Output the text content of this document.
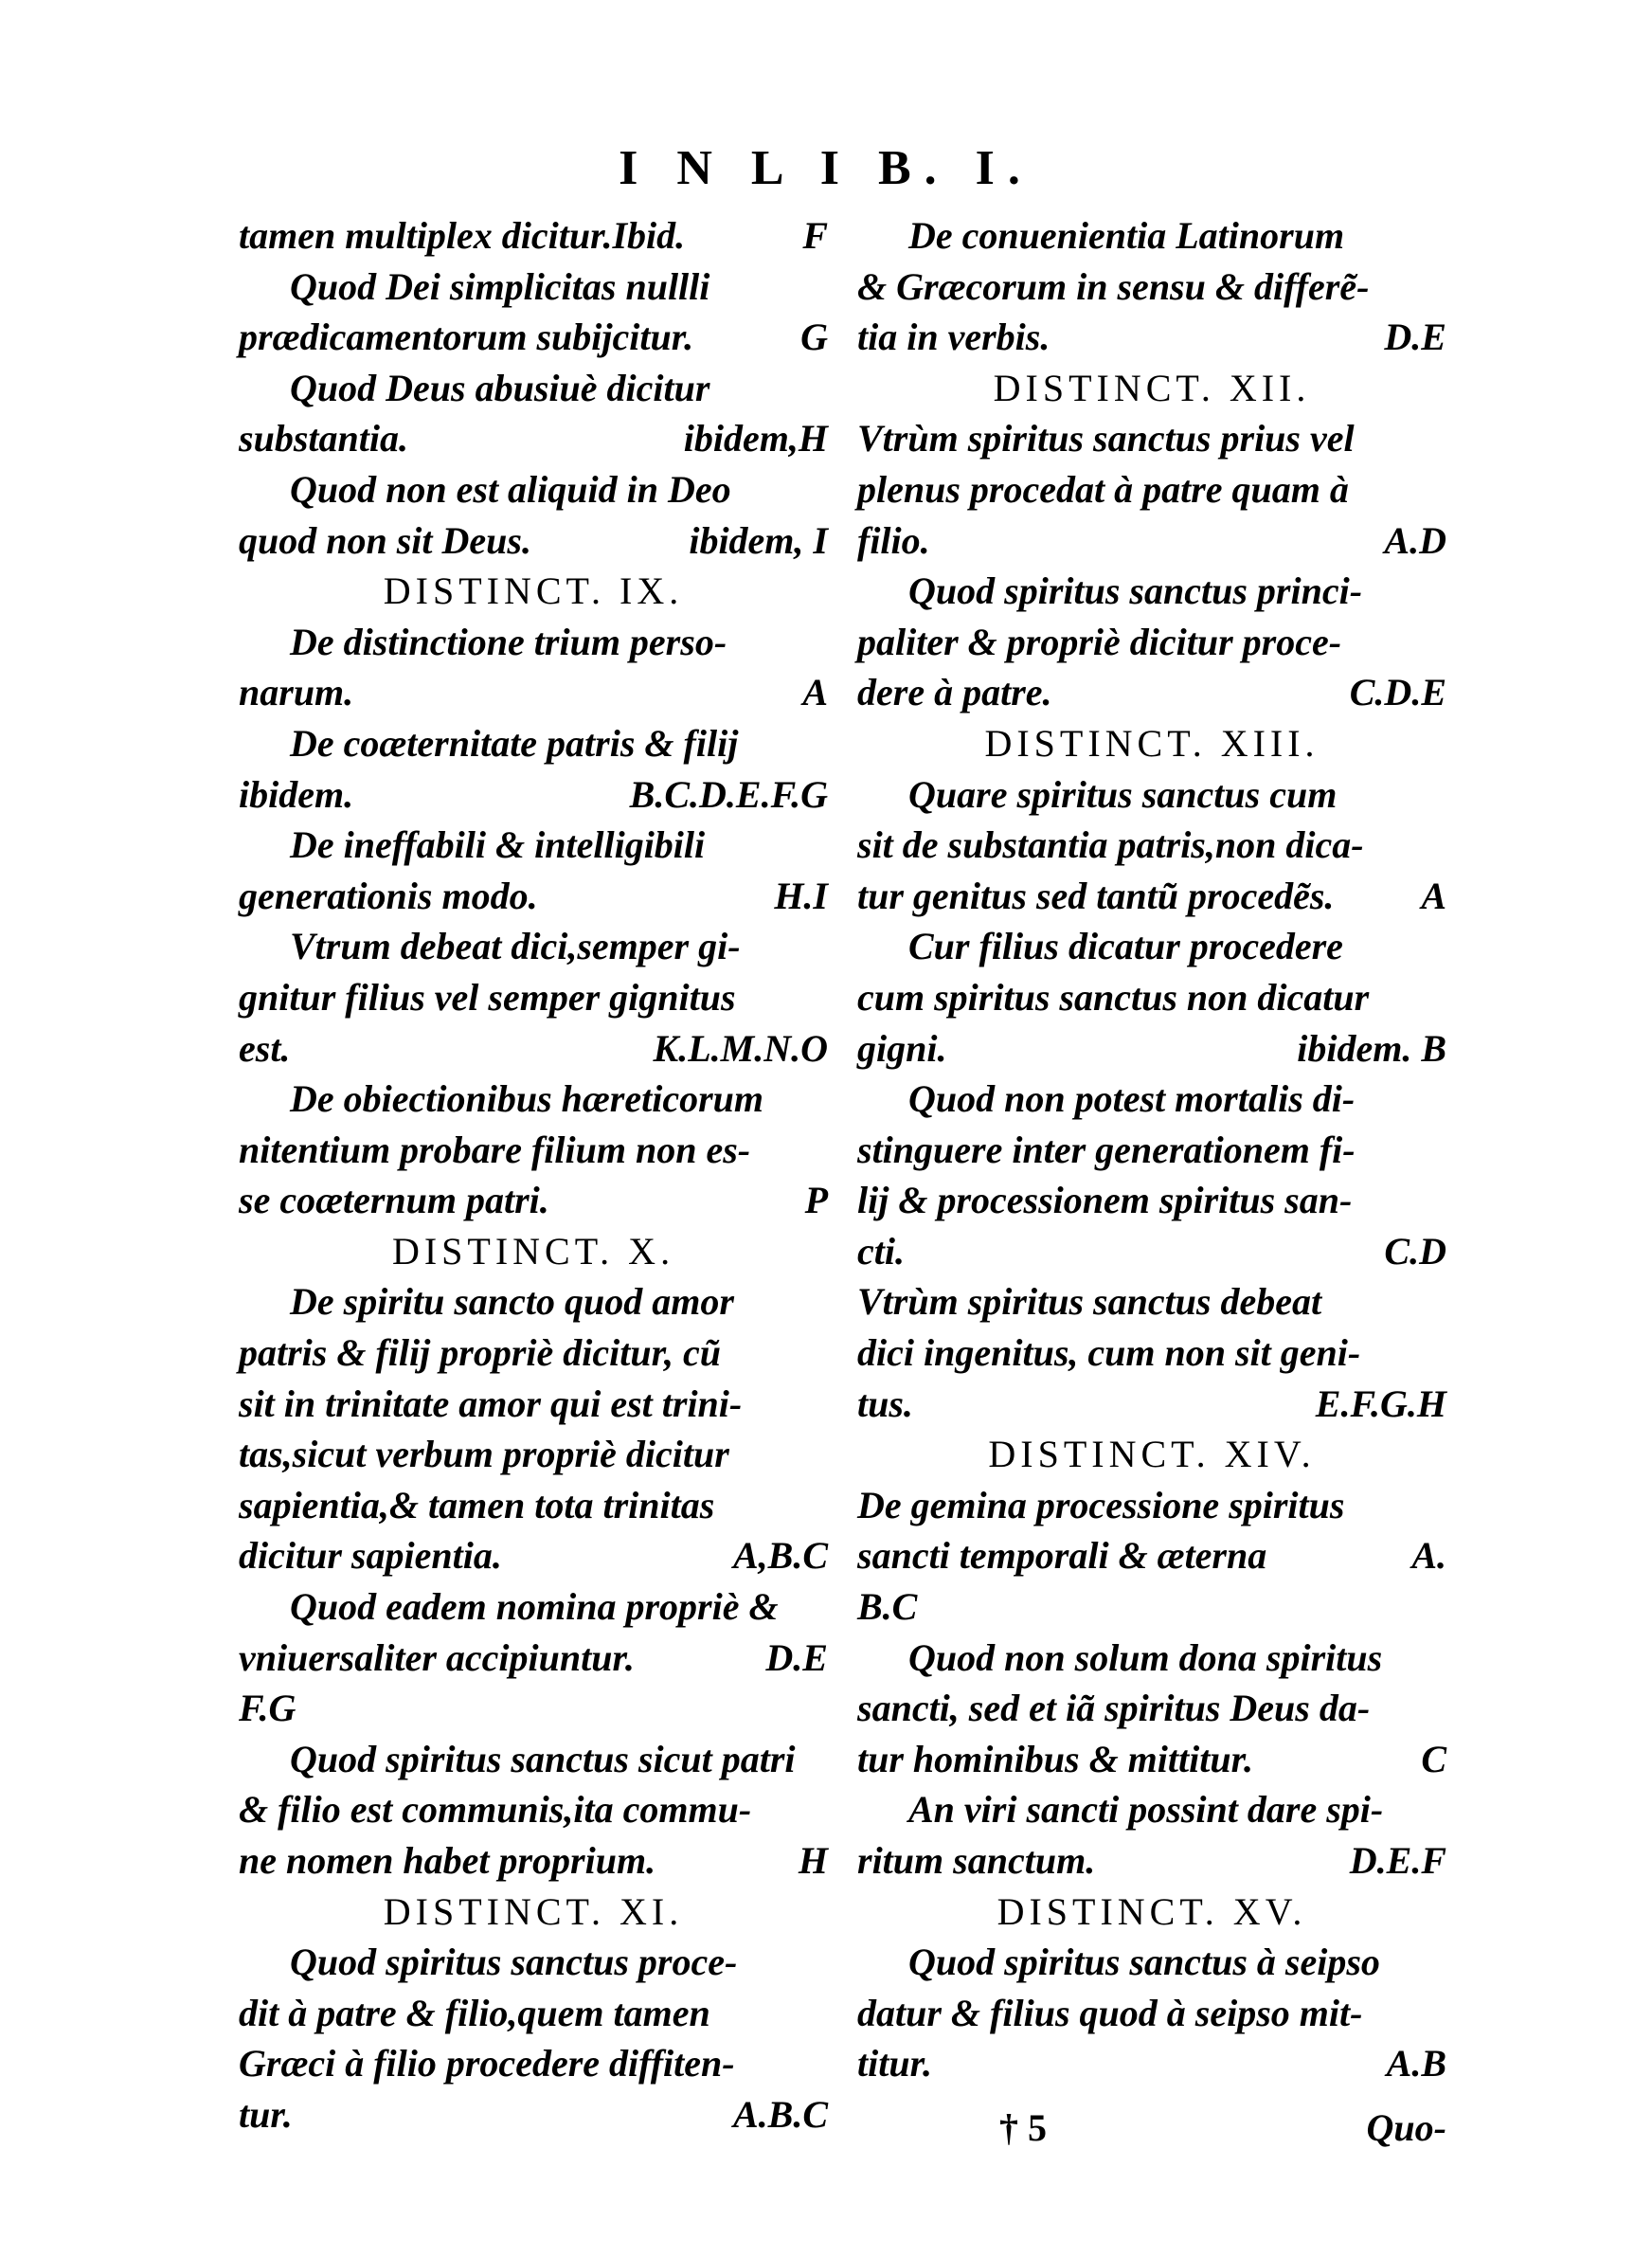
I N L I B. I.
tamen multiplex dicitur.Ibid.	F
Quod Dei simplicitas nullli
prædicamentorum subijcitur.	G
Quod Deus abusiuè dicitur
substantia.	ibidem,H
Quod non est aliquid in Deo
quod non sit Deus.	ibidem, I
DISTINCT. IX.
De distinctione trium perso-
narum.	A
De coæternitate patris & filij
ibidem.	B.C.D.E.F.G
De ineffabili & intelligibili
generationis modo.	H.I
Vtrum debeat dici,semper gi-
gnitur filius vel semper gignitus
est.	K.L.M.N.O
De obiectionibus hæreticorum
nitentium probare filium non es-
se coæternum patri.	P
DISTINCT. X.
De spiritu sancto quod amor
patris & filij propriè dicitur, cũ
sit in trinitate amor qui est trini-
tas,sicut verbum propriè dicitur
sapientia,& tamen tota trinitas
dicitur sapientia.	A,B.C
Quod eadem nomina propriè &
vniuersaliter accipiuntur.	D.E
F.G
Quod spiritus sanctus sicut patri
& filio est communis,ita commu-
ne nomen habet proprium.	H
DISTINCT. XI.
Quod spiritus sanctus proce-
dit à patre & filio,quem tamen
Græci à filio procedere diffiten-
tur.	A.B.C
De conuenientia Latinorum
& Græcorum in sensu & differẽ-
tia in verbis.	D.E
DISTINCT. XII.
Vtrùm spiritus sanctus prius vel
plenus procedat à patre quam à
filio.	A.D
Quod spiritus sanctus princi-
paliter & propriè dicitur proce-
dere à patre.	C.D.E
DISTINCT. XIII.
Quare spiritus sanctus cum
sit de substantia patris,non dica-
tur genitus sed tantũ procedẽs. A
Cur filius dicatur procedere
cum spiritus sanctus non dicatur
gigni.	ibidem. B
Quod non potest mortalis di-
stinguere inter generationem fi-
lij & processionem spiritus san-
cti.	C.D
Vtrùm spiritus sanctus debeat
dici ingenitus, cum non sit geni-
tus.	E.F.G.H
DISTINCT. XIV.
De gemina processione spiritus
sancti temporali & æterna	A.
B.C
Quod non solum dona spiritus
sancti, sed et iã spiritus Deus da-
tur hominibus & mittitur.	C
An viri sancti possint dare spi-
ritum sanctum.	D.E.F
DISTINCT. XV.
Quod spiritus sanctus à seipso
datur & filius quod à seipso mit-
titur.	A.B
† 5	Quo-
